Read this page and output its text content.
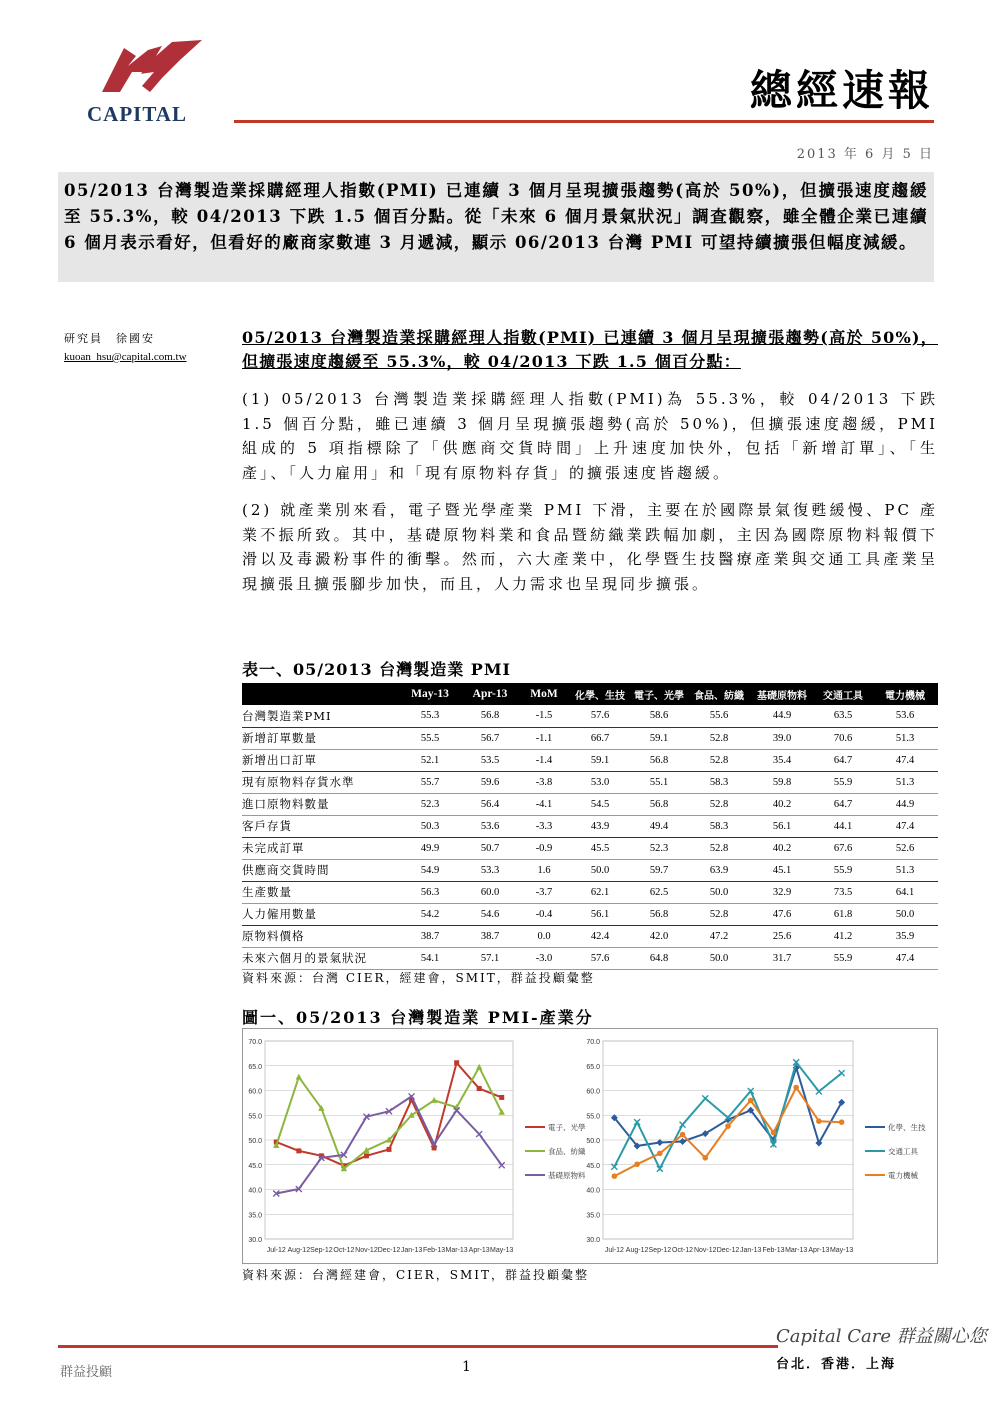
CAPITAL	總經速報
2013 年 6 月 5 日
05/2013 台灣製造業採購經理人指數(PMI) 已連續 3 個月呈現擴張趨勢(高於 50%)，但擴張速度趨緩至 55.3%，較 04/2013 下跌 1.5 個百分點。從「未來 6 個月景氣狀況」調查觀察，雖全體企業已連續 6 個月表示看好，但看好的廠商家數連 3 月遞減，顯示 06/2013 台灣 PMI 可望持續擴張但幅度減緩。
研究員　徐國安
kuoan_hsu@capital.com.tw
05/2013 台灣製造業採購經理人指數(PMI) 已連續 3 個月呈現擴張趨勢(高於 50%)，但擴張速度趨緩至 55.3%，較 04/2013 下跌 1.5 個百分點：
(1) 05/2013 台灣製造業採購經理人指數(PMI)為 55.3%，較 04/2013 下跌 1.5 個百分點，雖已連續 3 個月呈現擴張趨勢(高於 50%)，但擴張速度趨緩，PMI 組成的 5 項指標除了「供應商交貨時間」上升速度加快外，包括「新增訂單」、「生產」、「人力雇用」和「現有原物料存貨」的擴張速度皆趨緩。
(2) 就產業別來看，電子暨光學產業 PMI 下滑，主要在於國際景氣復甦緩慢、PC 產業不振所致。其中，基礎原物料業和食品暨紡織業跌幅加劇，主因為國際原物料報價下滑以及毒澱粉事件的衝擊。然而，六大產業中，化學暨生技醫療產業與交通工具產業呈現擴張且擴張腳步加快，而且，人力需求也呈現同步擴張。
表一、05/2013 台灣製造業 PMI
	May-13	Apr-13	MoM	化學、生技	電子、光學	食品、紡織	基礎原物料	交通工具	電力機械
台灣製造業PMI	55.3	56.8	-1.5	57.6	58.6	55.6	44.9	63.5	53.6
新增訂單數量	55.5	56.7	-1.1	66.7	59.1	52.8	39.0	70.6	51.3
新增出口訂單	52.1	53.5	-1.4	59.1	56.8	52.8	35.4	64.7	47.4
現有原物料存貨水準	55.7	59.6	-3.8	53.0	55.1	58.3	59.8	55.9	51.3
進口原物料數量	52.3	56.4	-4.1	54.5	56.8	52.8	40.2	64.7	44.9
客戶存貨	50.3	53.6	-3.3	43.9	49.4	58.3	56.1	44.1	47.4
未完成訂單	49.9	50.7	-0.9	45.5	52.3	52.8	40.2	67.6	52.6
供應商交貨時間	54.9	53.3	1.6	50.0	59.7	63.9	45.1	55.9	51.3
生產數量	56.3	60.0	-3.7	62.1	62.5	50.0	32.9	73.5	64.1
人力僱用數量	54.2	54.6	-0.4	56.1	56.8	52.8	47.6	61.8	50.0
原物料價格	38.7	38.7	0.0	42.4	42.0	47.2	25.6	41.2	35.9
未來六個月的景氣狀況	54.1	57.1	-3.0	57.6	64.8	50.0	31.7	55.9	47.4
資料來源：台灣 CIER，經建會，SMIT，群益投顧彙整
圖一、05/2013 台灣製造業 PMI-產業分
30.0
35.0
40.0
45.0
50.0
55.0
60.0
65.0
70.0
Jul-12 Aug-12 Sep-12 Oct-12 Nov-12 Dec-12 Jan-13 Feb-13 Mar-13 Apr-13 May-13
電子、光學
食品、紡織
基礎原物料
30.0
35.0
40.0
45.0
50.0
55.0
60.0
65.0
70.0
Jul-12 Aug-12 Sep-12 Oct-12 Nov-12 Dec-12 Jan-13 Feb-13 Mar-13 Apr-13 May-13
化學、生技
交通工具
電力機械
資料來源：台灣經建會，CIER，SMIT，群益投顧彙整
群益投顧	1
Capital Care 群益關心您
台北．香港．上海
